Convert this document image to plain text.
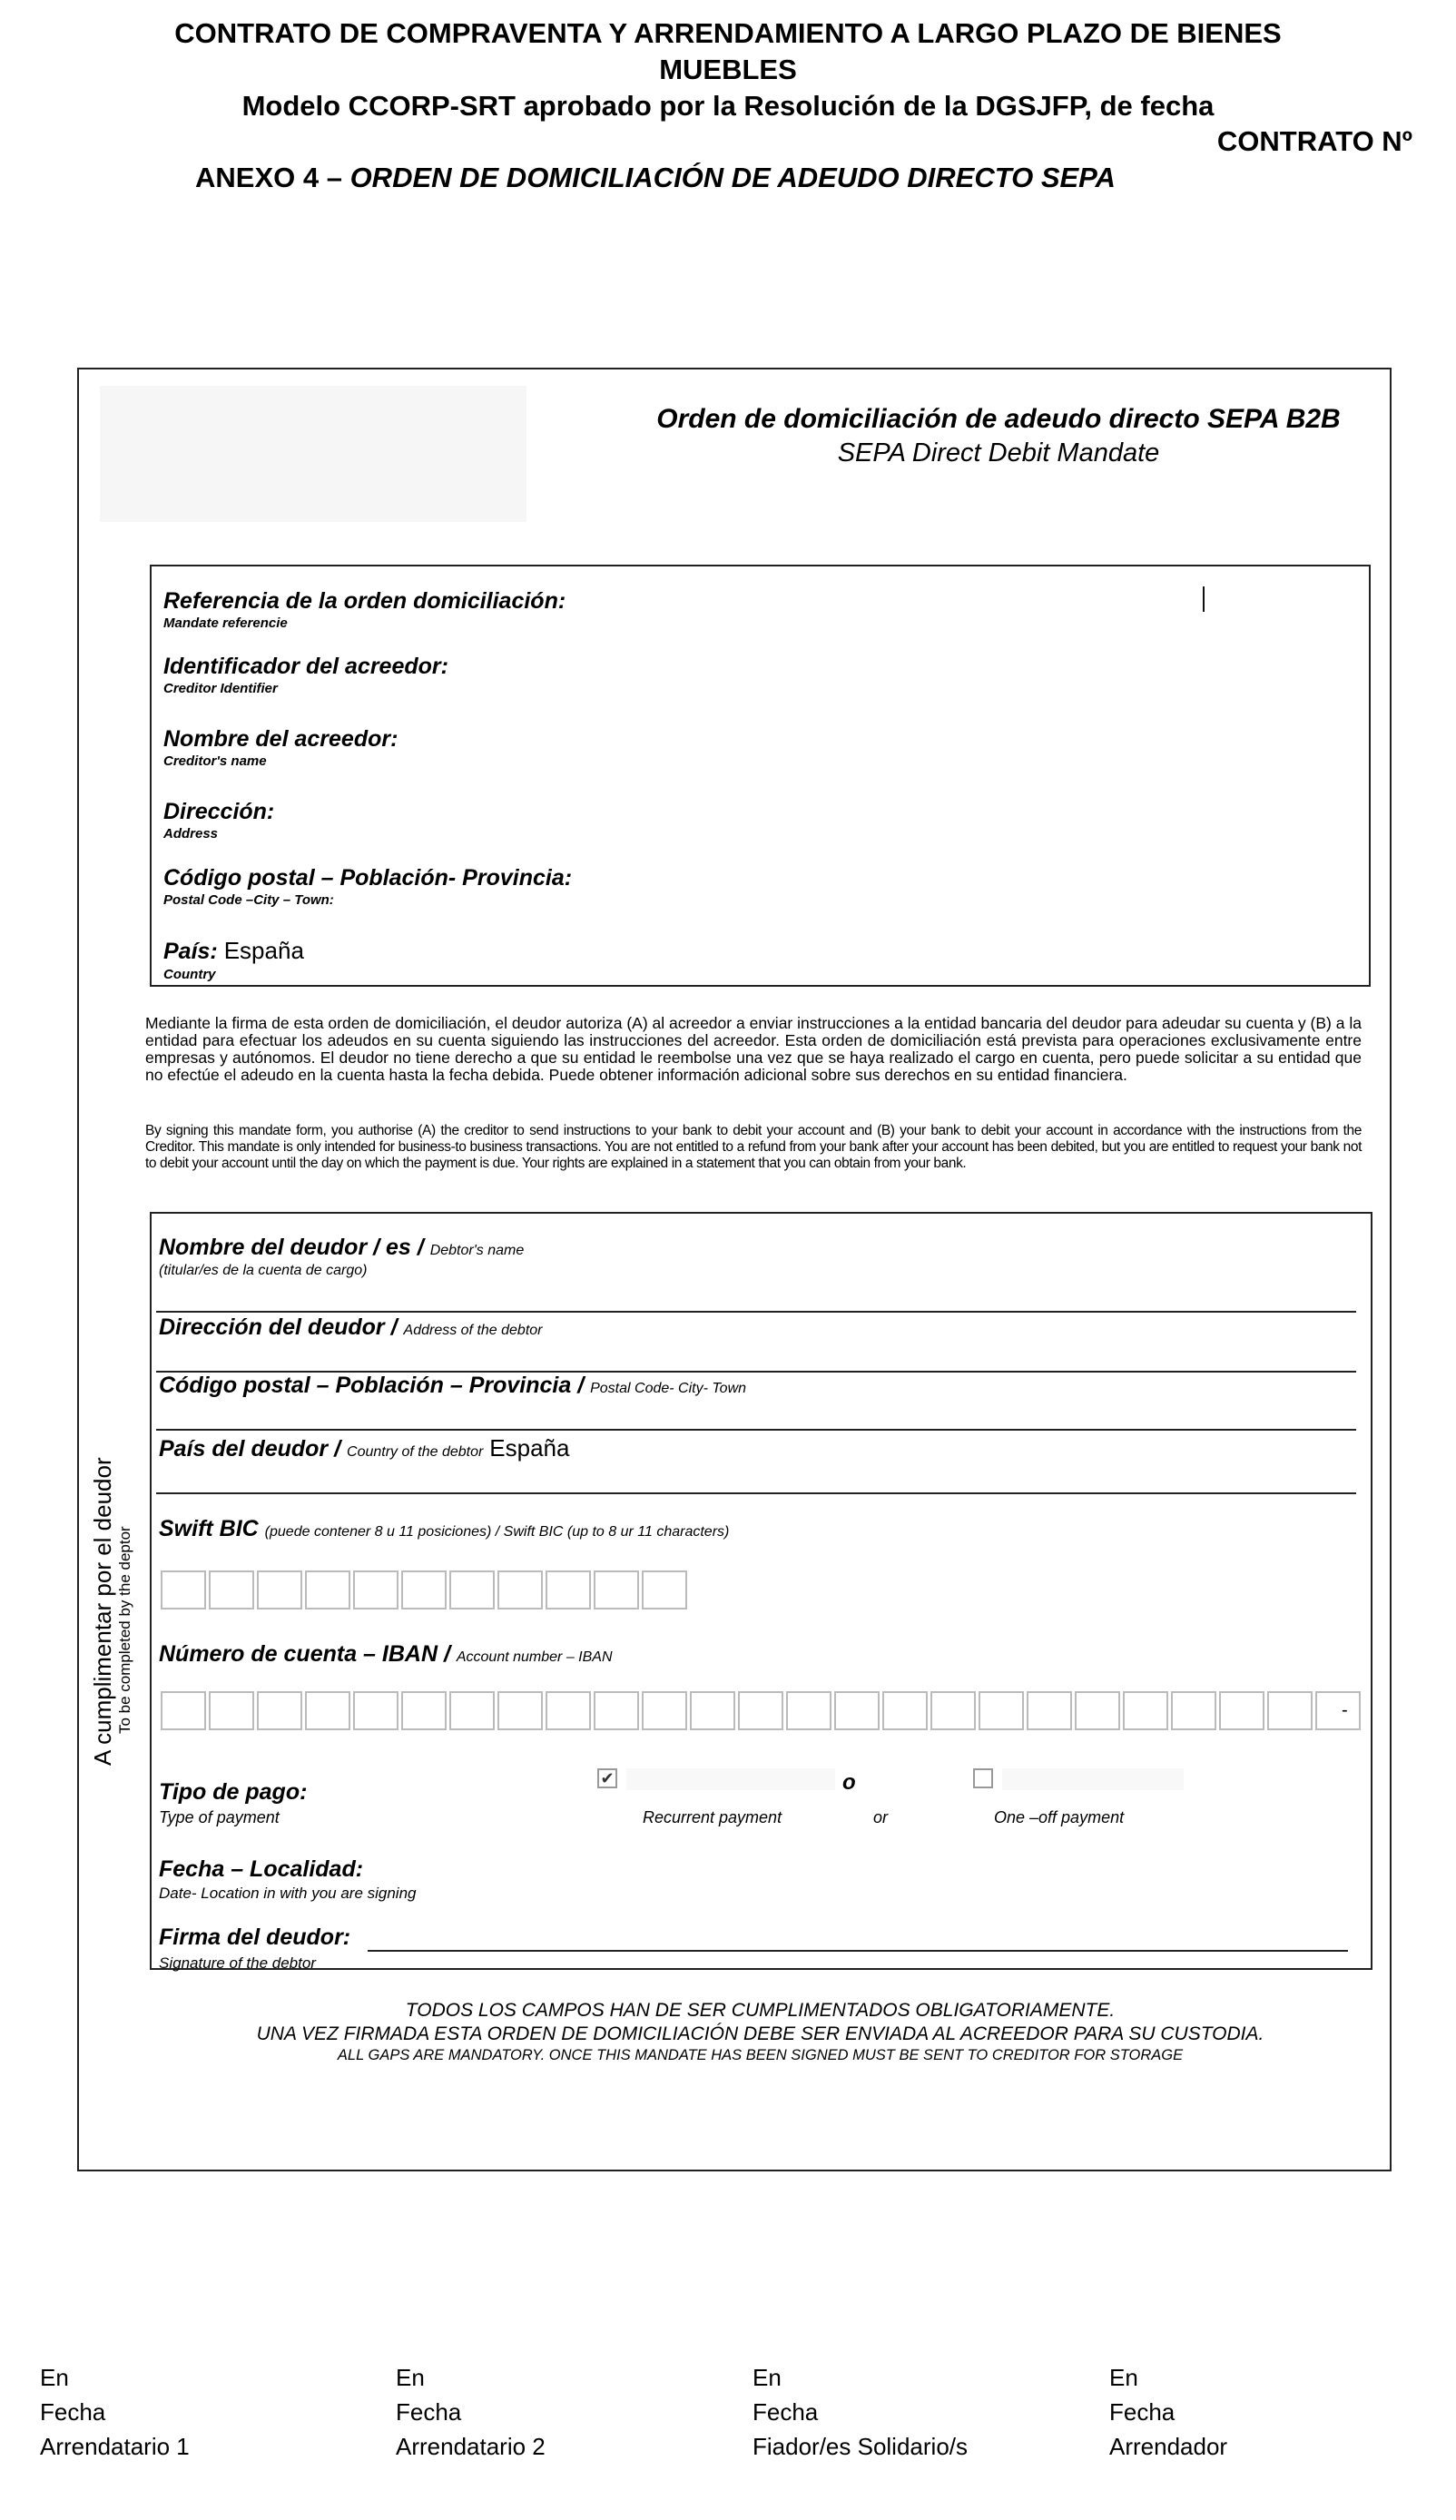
CONTRATO DE COMPRAVENTA Y ARRENDAMIENTO A LARGO PLAZO DE BIENES
MUEBLES
Modelo CCORP-SRT aprobado por la Resolución de la DGSJFP, de fecha
CONTRATO Nº
ANEXO 4 – ORDEN DE DOMICILIACIÓN DE ADEUDO DIRECTO SEPA
Orden de domiciliación de adeudo directo SEPA B2B
SEPA Direct Debit Mandate
Referencia de la orden domiciliación:
Mandate referencie
Identificador del acreedor:
Creditor Identifier
Nombre del acreedor:
Creditor's name
Dirección:
Address
Código postal – Población- Provincia:
Postal Code –City – Town:
País: España
Country
Mediante la firma de esta orden de domiciliación, el deudor autoriza (A) al acreedor a enviar instrucciones a la entidad bancaria del deudor para adeudar su cuenta y (B) a la entidad para efectuar los adeudos en su cuenta siguiendo las instrucciones del acreedor. Esta orden de domiciliación está prevista para operaciones exclusivamente entre empresas y autónomos. El deudor no tiene derecho a que su entidad le reembolse una vez que se haya realizado el cargo en cuenta, pero puede solicitar a su entidad que no efectúe el adeudo en la cuenta hasta la fecha debida. Puede obtener información adicional sobre sus derechos en su entidad financiera.
By signing this mandate form, you authorise (A) the creditor to send instructions to your bank to debit your account and (B) your bank to debit your account in accordance with the instructions from the Creditor. This mandate is only intended for business-to business transactions. You are not entitled to a refund from your bank after your account has been debited, but you are entitled to request your bank not to debit your account until the day on which the payment is due. Your rights are explained in a statement that you can obtain from your bank.
A cumplimentar por el deudor To be completed by the deptor
Nombre del deudor / es / Debtor's name
(titular/es de la cuenta de cargo)
Dirección del deudor / Address of the debtor
Código postal – Población – Provincia / Postal Code- City- Town
País del deudor / Country of the debtor España
Swift BIC (puede contener 8 u 11 posiciones) / Swift BIC (up to 8 ur 11 characters)
Número de cuenta – IBAN / Account number – IBAN
-
Tipo de pago:
Type of payment
✔
Recurrent payment
o
or	One –off payment
Fecha – Localidad:
Date- Location in with you are signing
Firma del deudor:
Signature of the debtor
TODOS LOS CAMPOS HAN DE SER CUMPLIMENTADOS OBLIGATORIAMENTE.
UNA VEZ FIRMADA ESTA ORDEN DE DOMICILIACIÓN DEBE SER ENVIADA AL ACREEDOR PARA SU CUSTODIA.
ALL GAPS ARE MANDATORY. ONCE THIS MANDATE HAS BEEN SIGNED MUST BE SENT TO CREDITOR FOR STORAGE
En
Fecha
Arrendatario 1
En
Fecha
Arrendatario 2
En
Fecha
Fiador/es Solidario/s
En
Fecha
Arrendador
